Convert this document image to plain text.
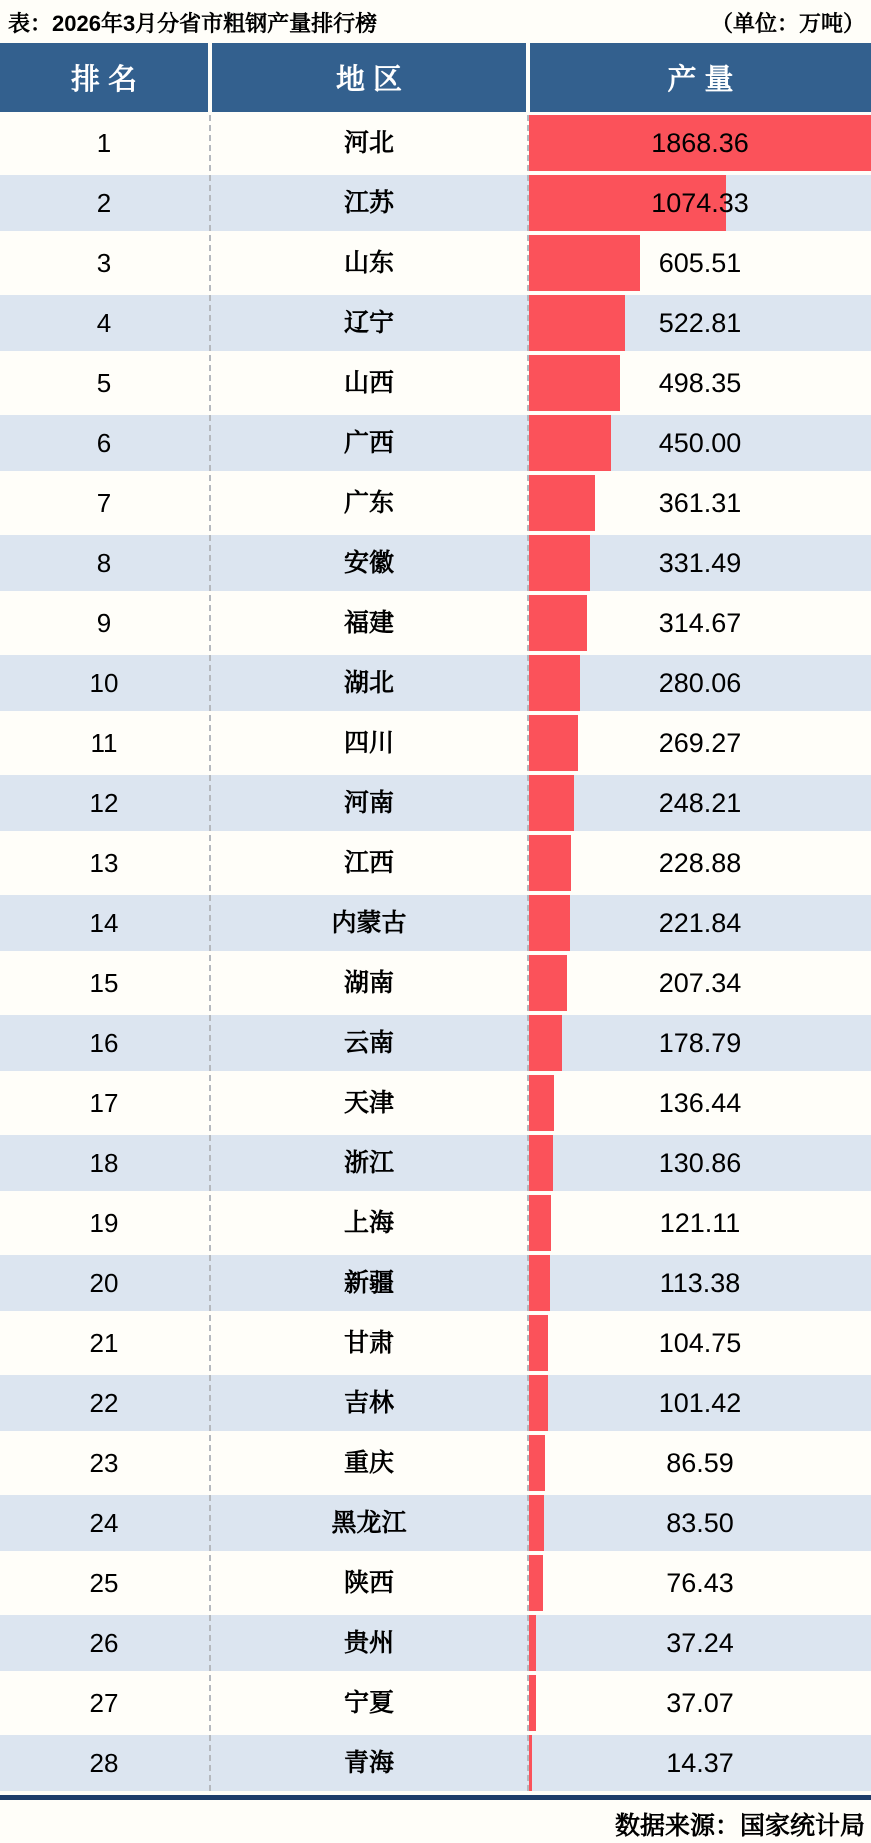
表：2026年3月分省市粗钢产量排行榜	（单位：万吨）
排名	地区	产量
1	河北	1868.36
2	江苏	1074.33
3	山东	605.51
4	辽宁	522.81
5	山西	498.35
6	广西	450.00
7	广东	361.31
8	安徽	331.49
9	福建	314.67
10	湖北	280.06
11	四川	269.27
12	河南	248.21
13	江西	228.88
14	内蒙古	221.84
15	湖南	207.34
16	云南	178.79
17	天津	136.44
18	浙江	130.86
19	上海	121.11
20	新疆	113.38
21	甘肃	104.75
22	吉林	101.42
23	重庆	86.59
24	黑龙江	83.50
25	陕西	76.43
26	贵州	37.24
27	宁夏	37.07
28	青海	14.37
数据来源：国家统计局
